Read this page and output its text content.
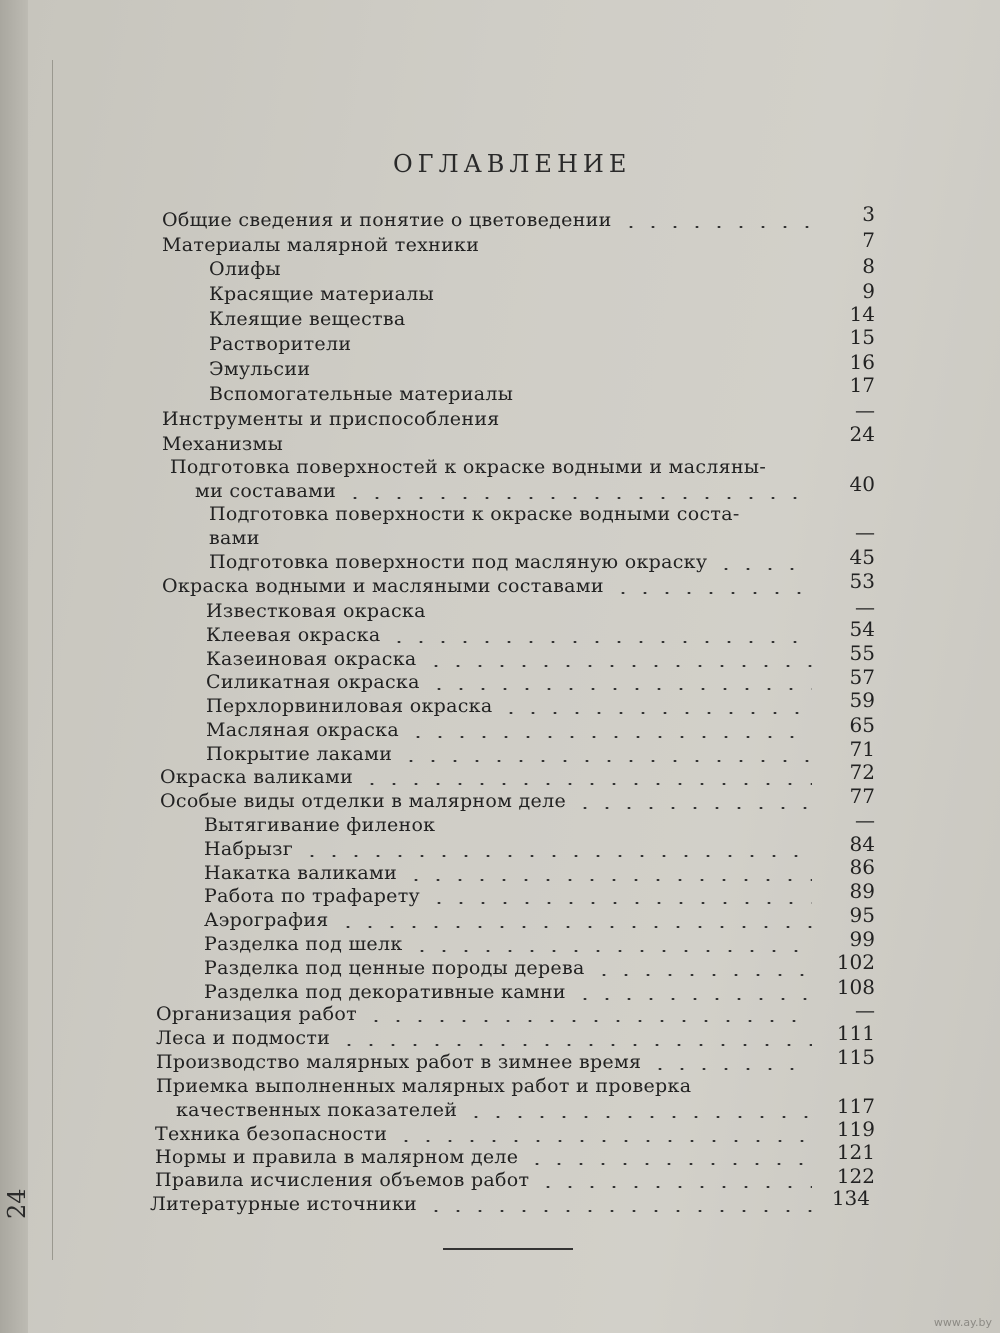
24
ОГЛАВЛЕНИЕ
Общие сведения и понятие о цветоведении	3
Материалы малярной техники	7
Олифы	8
Красящие материалы	9
Клеящие вещества	14
Растворители	15
Эмульсии	16
Вспомогательные материалы	17
Инструменты и приспособления	—
Механизмы	24
Подготовка поверхностей к окраске водными и масляны-
ми составами	40
Подготовка поверхности к окраске водными соста-
вами	—
Подготовка поверхности под масляную окраску	45
Окраска водными и масляными составами	53
Известковая окраска	—
Клеевая окраска	54
Казеиновая окраска	55
Силикатная окраска	57
Перхлорвиниловая окраска	59
Масляная окраска	65
Покрытие лаками	71
Окраска валиками	72
Особые виды отделки в малярном деле	77
Вытягивание филенок	—
Набрызг	84
Накатка валиками	86
Работа по трафарету	89
Аэрография	95
Разделка под шелк	99
Разделка под ценные породы дерева	102
Разделка под декоративные камни	108
Организация работ	—
Леса и подмости	111
Производство малярных работ в зимнее время	115
Приемка выполненных малярных работ и проверка
качественных показателей	117
Техника безопасности	119
Нормы и правила в малярном деле	121
Правила исчисления объемов работ	122
Литературные источники	134
www.ay.by
